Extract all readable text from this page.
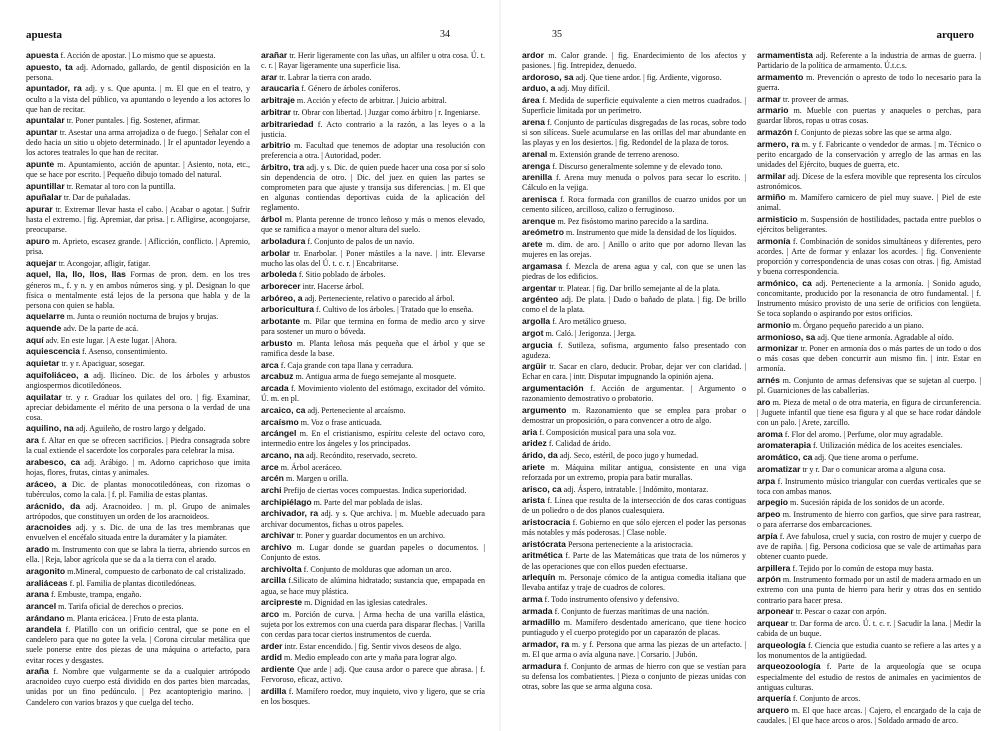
apuesta	34

apuesta f. Acción de apostar. | Lo mismo que se apuesta.

apuesto, ta adj. Adornado, gallardo, de gentil disposición en la persona.

apuntador, ra adj. y s. Que apunta. | m. El que en el teatro, y oculto a la vista del público, va apuntando o leyendo a los actores lo que han de recitar.

apuntalar tr. Poner puntales. | fig. Sostener, afirmar.

apuntar tr. Asestar una arma arrojadiza o de fuego. | Señalar con el dedo hacia un sitio u objeto determinado. | Ir el apuntador leyendo a los actores teatrales lo que han de recitar.

apunte m. Apuntamiento, acción de apuntar. | Asiento, nota, etc., que se hace por escrito. | Pequeño dibujo tomado del natural.

apuntillar tr. Rematar al toro con la puntilla.

apuñalar tr. Dar de puñaladas.

apurar tr. Extremar llevar hasta el cabo. | Acabar o agotar. | Sufrir hasta el extremo. | fig. Apremiar, dar prisa. | r. Afligirse, acongojarse, preocuparse.

apuro m. Aprieto, escasez grande. | Aflicción, conflicto. | Apremio, prisa.

aquejar tr. Acongojar, afligir, fatigar.

aquel, lla, llo, llos, llas Formas de pron. dem. en los tres géneros m., f. y n. y en ambos números sing. y pl. Designan lo que física o mentalmente está lejos de la persona que habla y de la persona con quien se habla.

aquelarre m. Junta o reunión nocturna de brujos y brujas.

aquende adv. De la parte de acá.

aquí adv. En este lugar. | A este lugar. | Ahora.

aquiescencia f. Asenso, consentimiento.

aquietar tr. y r. Apaciguar, sosegar.

aquifoliáceo, a adj. Ilicíneo. Dic. de los árboles y arbustos angiospermos dicotiledóneos.

aquilatar tr. y r. Graduar los quilates del oro. | fig. Examinar, apreciar debidamente el mérito de una persona o la verdad de una cosa.

aquilino, na adj. Aguileño, de rostro largo y delgado.

ara f. Altar en que se ofrecen sacrificios. | Piedra consagrada sobre la cual extiende el sacerdote los corporales para celebrar la misa.

arabesco, ca adj. Arábigo. | m. Adorno caprichoso que imita hojas, flores, frutas, cintas y animales.

aráceo, a Dic. de plantas monocotiledóneas, con rizomas o tubérculos, como la cala. | f. pl. Familia de estas plantas.

arácnido, da adj. Aracnoideo. | m. pl. Grupo de animales artrópodos, que constituyen un orden de los aracnoideos.

aracnoides adj. y s. Dic. de una de las tres membranas que envuelven el encéfalo situada entre la duramáter y la piamáter.

arado m. Instrumento con que se labra la tierra, abriendo surcos en ella. | Reja, labor agrícola que se da a la tierra con el arado.

aragonito m.Mineral, compuesto de carbonato de cal cristalizado.

araliáceas f. pl. Familia de plantas dicotiledóneas.

arana f. Embuste, trampa, engaño.

arancel m. Tarifa oficial de derechos o precios.

arándano m. Planta ericácea. | Fruto de esta planta.

arandela f. Platillo con un orificio central, que se pone en el candelero para que no gotee la vela. | Corona circular metálica que suele ponerse entre dos piezas de una máquina o artefacto, para evitar roces y desgastes.

araña f. Nombre que vulgarmente se da a cualquier artrópodo aracnoideo cuyo cuerpo está dividido en dos partes bien marcadas, unidas por un fino pedúnculo. | Pez acantopterigio marino. | Candelero con varios brazos y que cuelga del techo.

arañar tr. Herir ligeramente con las uñas, un alfiler u otra cosa. Ú. t. c. r. | Rayar ligeramente una superficie lisa.

arar tr. Labrar la tierra con arado.

araucaria f. Género de árboles coníferos.

arbitraje m. Acción y efecto de arbitrar. | Juicio arbitral.

arbitrar tr. Obrar con libertad. | Juzgar como árbitro | r. Ingeniarse.

arbitrariedad f. Acto contrario a la razón, a las leyes o a la justicia.

arbitrio m. Facultad que tenemos de adoptar una resolución con preferencia a otra. | Autoridad, poder.

árbitro, tra adj. y s. Dic. de quien puede hacer una cosa por sí solo sin dependencia de otro. | Dic. del juez en quien las partes se comprometen para que ajuste y transija sus diferencias. | m. El que en algunas contiendas deportivas cuida de la aplicación del reglamento.

árbol m. Planta perenne de tronco leñoso y más o menos elevado, que se ramifica a mayor o menor altura del suelo.

arboladura f. Conjunto de palos de un navío.

arbolar tr. Enarbolar. | Poner mástiles a la nave. | intr. Elevarse mucho las olas del Ú. t. c. r. | Encabritarse.

arboleda f. Sitio poblado de árboles.

arborecer intr. Hacerse árbol.

arbóreo, a adj. Perteneciente, relativo o parecido al árbol.

arboricultura f. Cultivo de los árboles. | Tratado que lo enseña.

arbotante m. Pilar que termina en forma de medio arco y sirve para sostener un muro o bóveda.

arbusto m. Planta leñosa más pequeña que el árbol y que se ramifica desde la base.

arca f. Caja grande con tapa llana y cerradura.

arcabuz m. Antigua arma de fuego semejante al mosquete.

arcada f. Movimiento violento del estómago, excitador del vómito. Ú. m. en pl.

arcaico, ca adj. Perteneciente al arcaísmo.

arcaísmo m. Voz o frase anticuada.

arcángel m. En el cristianismo, espíritu celeste del octavo coro, intermedio entre los ángeles y los principados.

arcano, na adj. Recóndito, reservado, secreto.

arce m. Árbol aceráceo.

arcén m. Margen u orilla.

archi Prefijo de ciertas voces compuestas. Indica superioridad.

archipiélago m. Parte del mar poblada de islas.

archivador, ra adj. y s. Que archiva. | m. Mueble adecuado para archivar documentos, fichas u otros papeles.

archivar tr. Poner y guardar documentos en un archivo.

archivo m. Lugar donde se guardan papeles o documentos. | Conjunto de estos.

archivolta f. Conjunto de molduras que adornan un arco.

arcilla f.Silicato de alúmina hidratado; sustancia que, empapada en agua, se hace muy plástica.

arcipreste m. Dignidad en las iglesias catedrales.

arco m. Porción de curva. | Arma hecha de una varilla elástica, sujeta por los extremos con una cuerda para disparar flechas. | Varilla con cerdas para tocar ciertos instrumentos de cuerda.

arder intr. Estar encendido. | fig. Sentir vivos deseos de algo.

ardid m. Medio empleado con arte y maña para lograr algo.

ardiente Que arde | adj. Que causa ardor o parece que abrasa. | f. Fervoroso, eficaz, activo.

ardilla f. Mamífero roedor, muy inquieto, vivo y ligero, que se cría en los bosques.

35	arquero

ardor m. Calor grande. | fig. Enardecimiento de los afectos y pasiones. | fig. Intrepidez, denuedo.

ardoroso, sa adj. Que tiene ardor. | fig. Ardiente, vigoroso.

arduo, a adj. Muy difícil.

área f. Medida de superficie equivalente a cien metros cuadrados. | Superficie limitada por un perímetro.

arena f. Conjunto de partículas disgregadas de las rocas, sobre todo si son silíceas. Suele acumularse en las orillas del mar abundante en las playas y en los desiertos. | fig. Redondel de la plaza de toros.

arenal m. Extensión grande de terreno arenoso.

arenga f. Discurso generalmente solemne y de elevado tono.

arenilla f. Arena muy menuda o polvos para secar lo escrito. | Cálculo en la vejiga.

arenisca f. Roca formada con granillos de cuarzo unidos por un cemento silíceo, arcilloso, calizo o ferruginoso.

arenque m. Pez fisóstomo marino parecido a la sardina.

areómetro m. Instrumento que mide la densidad de los líquidos.

arete m. dim. de aro. | Anillo o arito que por adorno llevan las mujeres en las orejas.

argamasa f. Mezcla de arena agua y cal, con que se unen las piedras de los edificios.

argentar tr. Platear. | fig. Dar brillo semejante al de la plata.

argénteo adj. De plata. | Dado o bañado de plata. | fig. De brillo como el de la plata.

argolla f. Aro metálico grueso.

argot m. Caló. | Jerigonza. | Jerga.

argucia f. Sutileza, sofisma, argumento falso presentado con agudeza.

argüir tr. Sacar en claro, deducir. Probar, dejar ver con claridad. | Echar en cara. | intr. Disputar impugnando la opinión ajena.

argumentación f. Acción de argumentar. | Argumento o razonamiento demostrativo o probatorio.

argumento m. Razonamiento que se emplea para probar o demostrar un proposición, o para convencer a otro de algo.

aria f. Composición musical para una sola voz.

aridez f. Calidad de árido.

árido, da adj. Seco, estéril, de poco jugo y humedad.

ariete m. Máquina militar antigua, consistente en una viga reforzada por un extremo, propia para batir murallas.

arisco, ca adj. Áspero, intratable. | Indómito, montaraz.

arista f. Línea que resulta de la intersección de dos caras contiguas de un poliedro o de dos planos cualesquiera.

aristocracia f. Gobierno en que sólo ejercen el poder las personas más notables y más poderosas. | Clase noble.

aristócrata Persona perteneciente a la aristocracia.

aritmética f. Parte de las Matemáticas que trata de los números y de las operaciones que con ellos pueden efectuarse.

arlequín m. Personaje cómico de la antigua comedia italiana que llevaba antifaz y traje de cuadros de colores.

arma f. Todo instrumento ofensivo y defensivo.

armada f. Conjunto de fuerzas marítimas de una nación.

armadillo m. Mamífero desdentado americano, que tiene hocico puntiagudo y el cuerpo protegido por un caparazón de placas.

armador, ra m. y f. Persona que arma las piezas de un artefacto. | m. El que arma o avía alguna nave. | Corsario. | Jubón.

armadura f. Conjunto de armas de hierro con que se vestían para su defensa los combatientes. | Pieza o conjunto de piezas unidas con otras, sobre las que se arma alguna cosa.

armamentista adj. Referente a la industria de armas de guerra. | Partidario de la política de armamento. Ú.t.c.s.

armamento m. Prevención o apresto de todo lo necesario para la guerra.

armar tr. proveer de armas.

armario m. Mueble con puertas y anaqueles o perchas, para guardar libros, ropas u otras cosas.

armazón f. Conjunto de piezas sobre las que se arma algo.

armero, ra m. y f. Fabricante o vendedor de armas. | m. Técnico o perito encargado de la conservación y arreglo de las armas en las unidades del Ejército, buques de guerra, etc.

armilar adj. Dícese de la esfera movible que representa los círculos astronómicos.

armiño m. Mamífero carnicero de piel muy suave. | Piel de este animal.

armisticio m. Suspensión de hostilidades, pactada entre pueblos o ejércitos beligerantes.

armonía f. Combinación de sonidos simultáneos y diferentes, pero acordes. | Arte de formar y enlazar los acordes. | fig. Conveniente proporción y correspondencia de unas cosas con otras. | fig. Amistad y buena correspondencia.

armónico, ca adj. Perteneciente a la armonía. | Sonido agudo, concomitante, producido por la resonancia de otro fundamental. | f. Instrumento músico provisto de una serie de orificios con lengüeta. Se toca soplando o aspirando por estos orificios.

armonio m. Órgano pequeño parecido a un piano.

armonioso, sa adj. Que tiene armonía. Agradable al oído.

armonizar tr. Poner en armonía dos o más partes de un todo o dos o más cosas que deben concurrir aun mismo fin. | intr. Estar en armonía.

arnés m. Conjunto de armas defensivas que se sujetan al cuerpo. | pl. Guarniciones de las caballerías.

aro m. Pieza de metal o de otra materia, en figura de circunferencia. | Juguete infantil que tiene esa figura y al que se hace rodar dándole con un palo. | Arete, zarcillo.

aroma f. Flor del aromo. | Perfume, olor muy agradable.

aromaterapia f. Utilización médica de los aceites esenciales.

aromático, ca adj. Que tiene aroma o perfume.

aromatizar tr y r. Dar o comunicar aroma a alguna cosa.

arpa f. Instrumento músico triangular con cuerdas verticales que se toca con ambas manos.

arpegio m. Sucesión rápida de los sonidos de un acorde.

arpeo m. Instrumento de hierro con garfios, que sirve para rastrear, o para aferrarse dos embarcaciones.

arpía f. Ave fabulosa, cruel y sucia, con rostro de mujer y cuerpo de ave de rapiña. | fig. Persona codiciosa que se vale de artimañas para obtener cuanto puede.

arpillera f. Tejido por lo común de estopa muy basta.

arpón m. Instrumento formado por un astil de madera armado en un extremo con una punta de hierro para herir y otras dos en sentido contrario para hacer presa.

arponear tr. Pescar o cazar con arpón.

arquear tr. Dar forma de arco. Ú. t. c. r. | Sacudir la lana. | Medir la cabida de un buque.

arqueología f. Ciencia que estudia cuanto se refiere a las artes y a los monumentos de la antigüedad.

arqueozoología f. Parte de la arqueología que se ocupa especialmente del estudio de restos de animales en yacimientos de antiguas culturas.

arquería f. Conjunto de arcos.

arquero m. El que hace arcas. | Cajero, el encargado de la caja de caudales. | El que hace arcos o aros. | Soldado armado de arco.
